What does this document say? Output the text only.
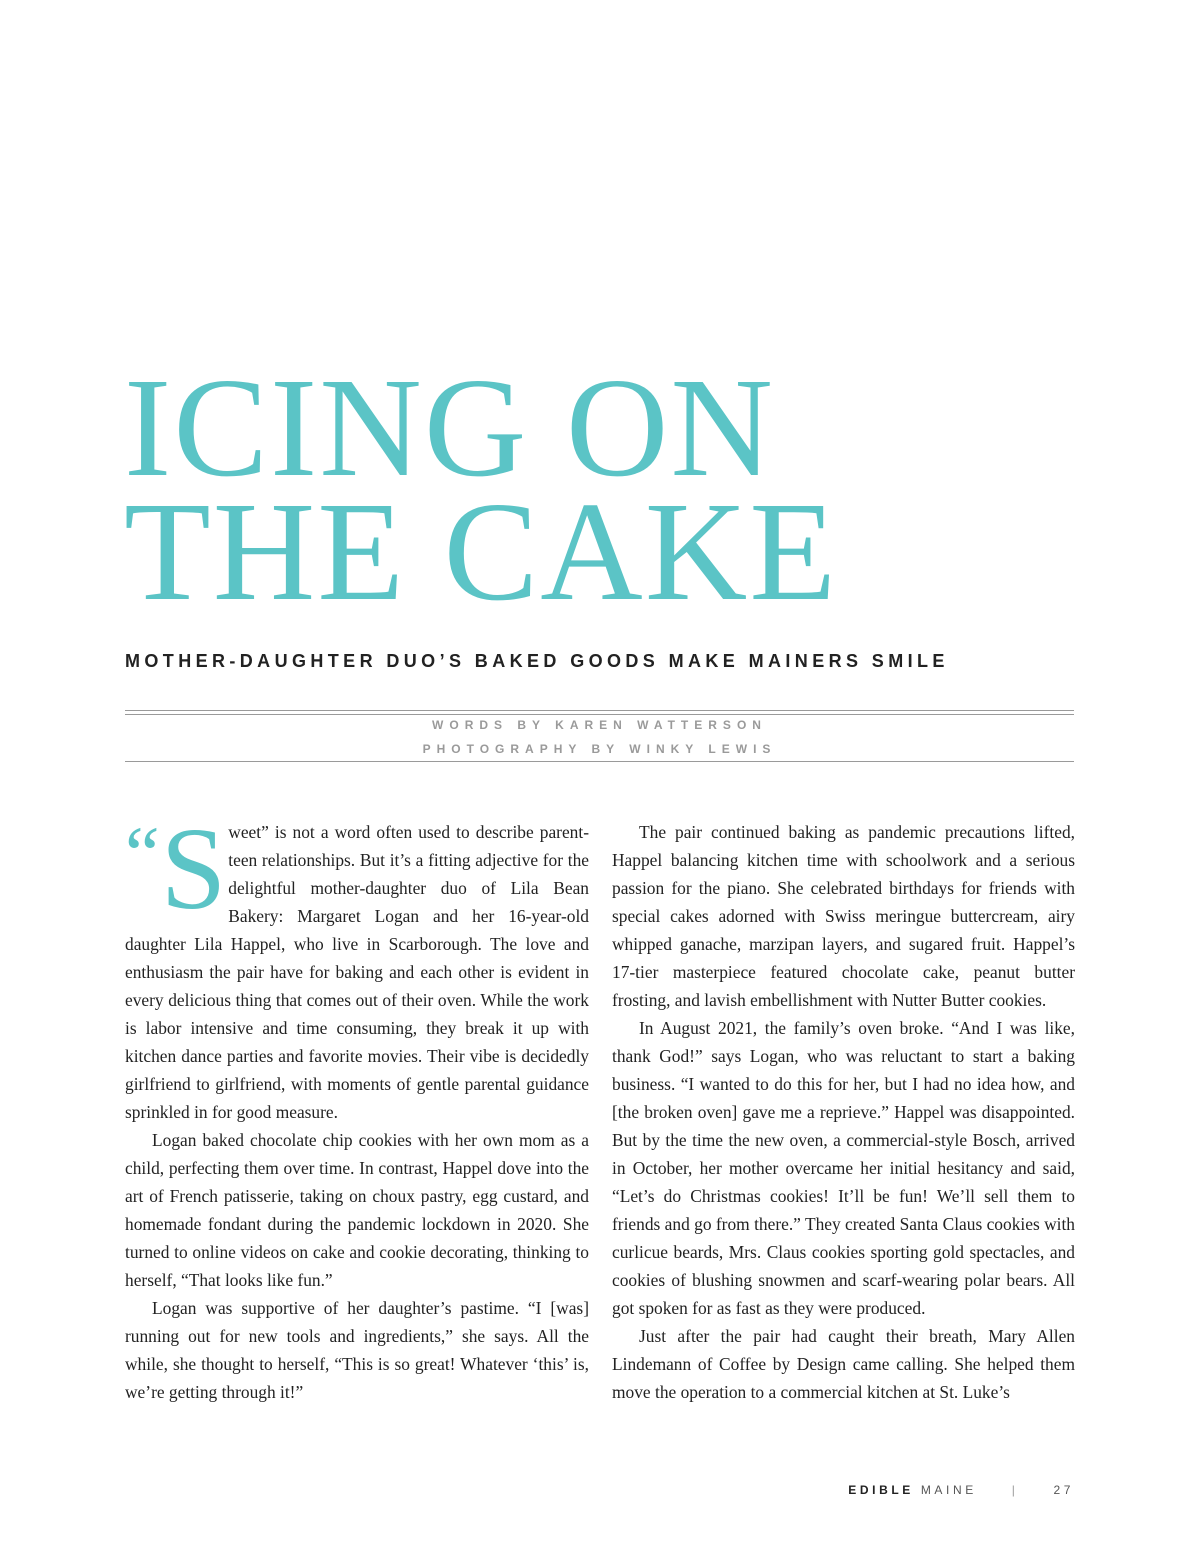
ICING ON
THE CAKE
MOTHER-DAUGHTER DUO’S BAKED GOODS MAKE MAINERS SMILE
WORDS BY KAREN WATTERSON
PHOTOGRAPHY BY WINKY LEWIS

“S weet” is not a word often used to describe parent-teen relationships. But it’s a fitting adjective for the delightful mother-daughter duo of Lila Bean Bakery: Margaret Logan and her 16-year-old daughter Lila Happel, who live in Scarborough. The love and enthusiasm the pair have for baking and each other is evident in every delicious thing that comes out of their oven. While the work is labor intensive and time consuming, they break it up with kitchen dance parties and favorite movies. Their vibe is decidedly girlfriend to girlfriend, with moments of gentle parental guidance sprinkled in for good measure.

Logan baked chocolate chip cookies with her own mom as a child, perfecting them over time. In contrast, Happel dove into the art of French patisserie, taking on choux pastry, egg custard, and homemade fondant during the pandemic lockdown in 2020. She turned to online videos on cake and cookie decorating, thinking to herself, “That looks like fun.”

Logan was supportive of her daughter’s pastime. “I [was] running out for new tools and ingredients,” she says. All the while, she thought to herself, “This is so great! Whatever ‘this’ is, we’re getting through it!”

The pair continued baking as pandemic precautions lifted, Happel balancing kitchen time with schoolwork and a serious passion for the piano. She celebrated birthdays for friends with special cakes adorned with Swiss meringue buttercream, airy whipped ganache, marzipan layers, and sugared fruit. Happel’s 17-tier masterpiece featured chocolate cake, peanut butter frosting, and lavish embellishment with Nutter Butter cookies.

In August 2021, the family’s oven broke. “And I was like, thank God!” says Logan, who was reluctant to start a baking business. “I wanted to do this for her, but I had no idea how, and [the broken oven] gave me a reprieve.” Happel was disappointed. But by the time the new oven, a commercial-style Bosch, arrived in October, her mother overcame her initial hesitancy and said, “Let’s do Christmas cookies! It’ll be fun! We’ll sell them to friends and go from there.” They created Santa Claus cookies with curlicue beards, Mrs. Claus cookies sporting gold spectacles, and cookies of blushing snowmen and scarf-wearing polar bears. All got spoken for as fast as they were produced.

Just after the pair had caught their breath, Mary Allen Lindemann of Coffee by Design came calling. She helped them move the operation to a commercial kitchen at St. Luke’s

EDIBLE MAINE	|	27
